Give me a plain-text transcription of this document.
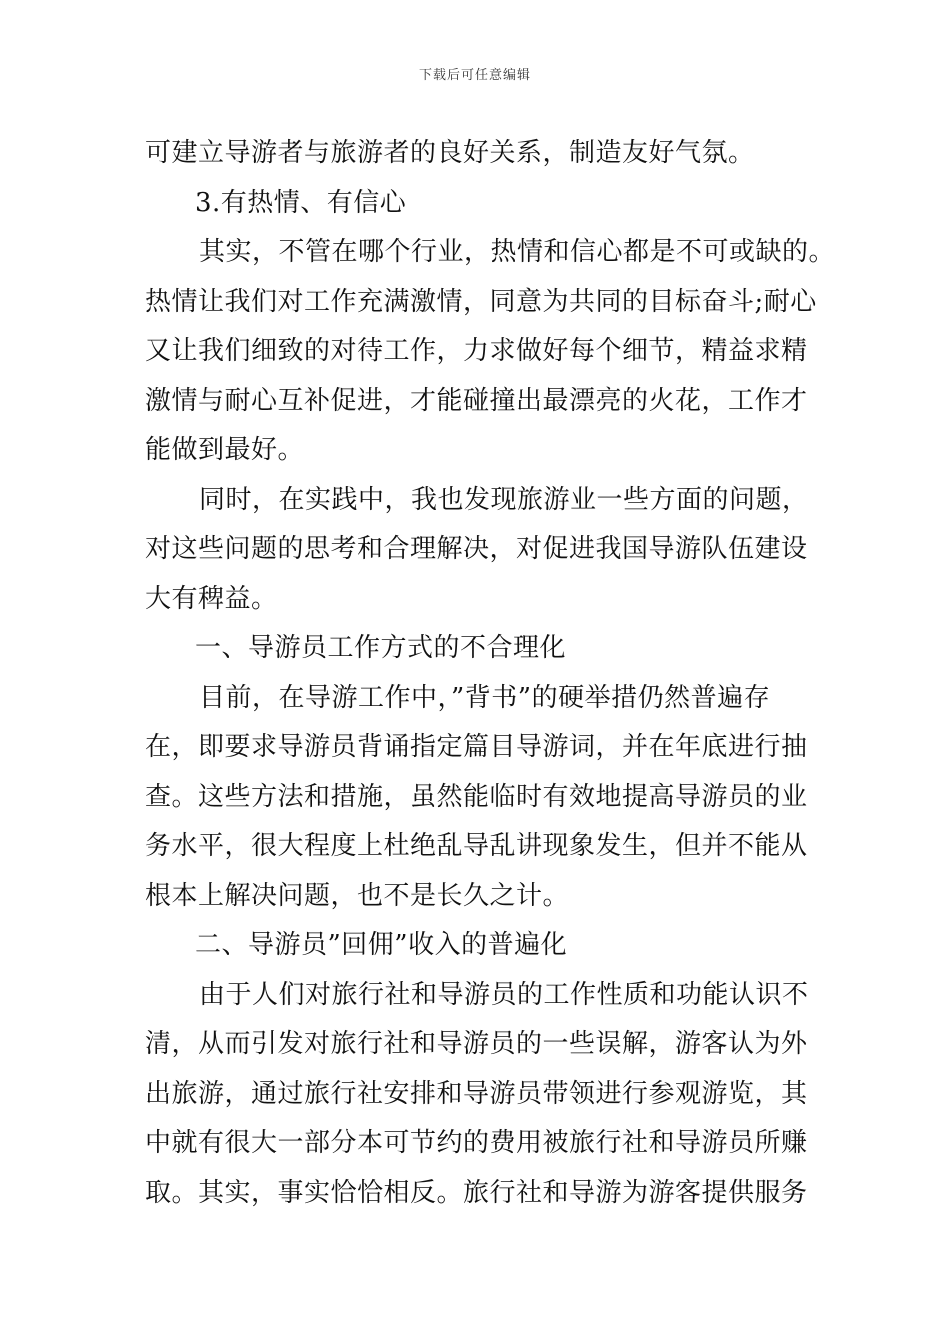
下载后可任意编辑
可建立导游者与旅游者的良好关系，制造友好气氛。
3.有热情、有信心
其实，不管在哪个行业，热情和信心都是不可或缺的。
热情让我们对工作充满激情，同意为共同的目标奋斗;耐心
又让我们细致的对待工作，力求做好每个细节，精益求精
激情与耐心互补促进，才能碰撞出最漂亮的火花，工作才
能做到最好。
同时，在实践中，我也发现旅游业一些方面的问题，
对这些问题的思考和合理解决，对促进我国导游队伍建设
大有稗益。
一、导游员工作方式的不合理化
目前，在导游工作中，”背书”的硬举措仍然普遍存
在，即要求导游员背诵指定篇目导游词，并在年底进行抽
查。这些方法和措施，虽然能临时有效地提高导游员的业
务水平，很大程度上杜绝乱导乱讲现象发生，但并不能从
根本上解决问题，也不是长久之计。
二、导游员”回佣”收入的普遍化
由于人们对旅行社和导游员的工作性质和功能认识不
清，从而引发对旅行社和导游员的一些误解，游客认为外
出旅游，通过旅行社安排和导游员带领进行参观游览，其
中就有很大一部分本可节约的费用被旅行社和导游员所赚
取。其实，事实恰恰相反。旅行社和导游为游客提供服务
